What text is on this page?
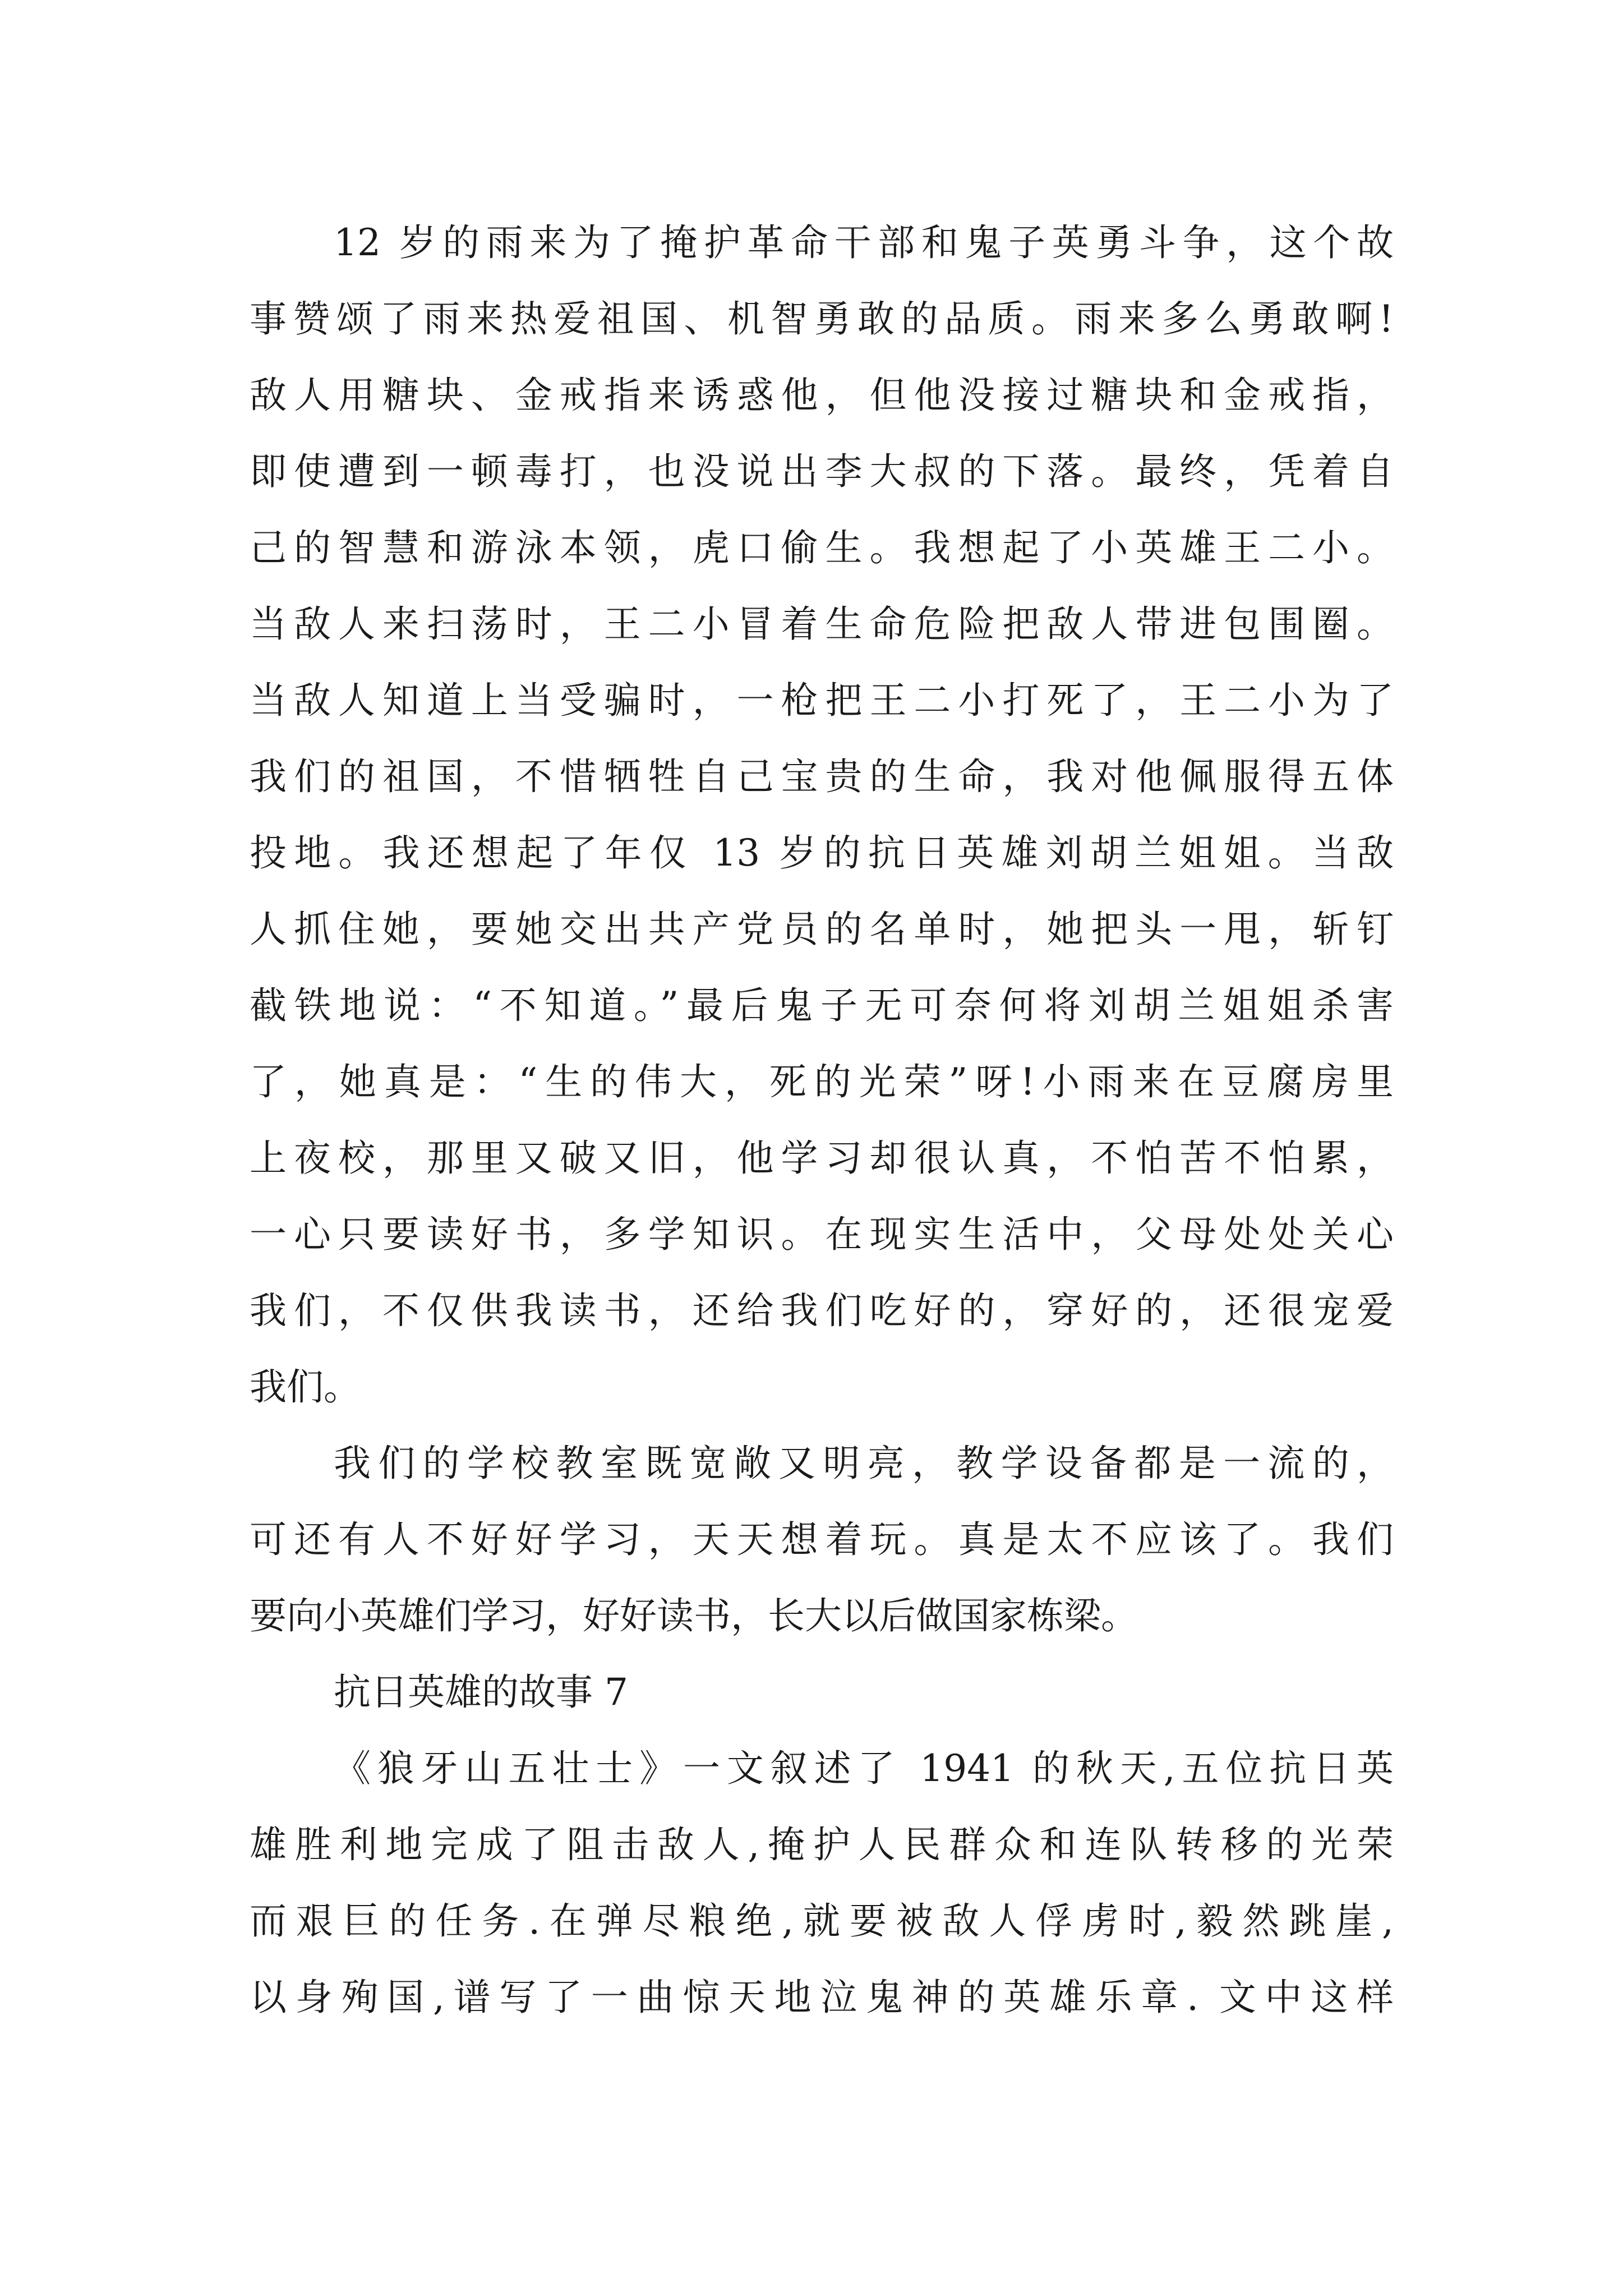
12 岁的雨来为了掩护革命干部和鬼子英勇斗争，这个故
事赞颂了雨来热爱祖国、机智勇敢的品质。雨来多么勇敢啊!
敌人用糖块、金戒指来诱惑他，但他没接过糖块和金戒指，
即使遭到一顿毒打，也没说出李大叔的下落。最终，凭着自
己的智慧和游泳本领，虎口偷生。我想起了小英雄王二小。
当敌人来扫荡时，王二小冒着生命危险把敌人带进包围圈。
当敌人知道上当受骗时，一枪把王二小打死了，王二小为了
我们的祖国，不惜牺牲自己宝贵的生命，我对他佩服得五体
投地。我还想起了年仅 13 岁的抗日英雄刘胡兰姐姐。当敌
人抓住她，要她交出共产党员的名单时，她把头一甩，斩钉
截铁地说：“不知道。”最后鬼子无可奈何将刘胡兰姐姐杀害
了，她真是：“生的伟大，死的光荣”呀!小雨来在豆腐房里
上夜校，那里又破又旧，他学习却很认真，不怕苦不怕累，
一心只要读好书，多学知识。在现实生活中，父母处处关心
我们，不仅供我读书，还给我们吃好的，穿好的，还很宠爱
我们。
我们的学校教室既宽敞又明亮，教学设备都是一流的，
可还有人不好好学习，天天想着玩。真是太不应该了。我们
要向小英雄们学习，好好读书，长大以后做国家栋梁。
抗日英雄的故事 7
《狼牙山五壮士》一文叙述了 1941 的秋天,五位抗日英
雄胜利地完成了阻击敌人,掩护人民群众和连队转移的光荣
而艰巨的任务.在弹尽粮绝,就要被敌人俘虏时,毅然跳崖,
以身殉国,谱写了一曲惊天地泣鬼神的英雄乐章. 文中这样
